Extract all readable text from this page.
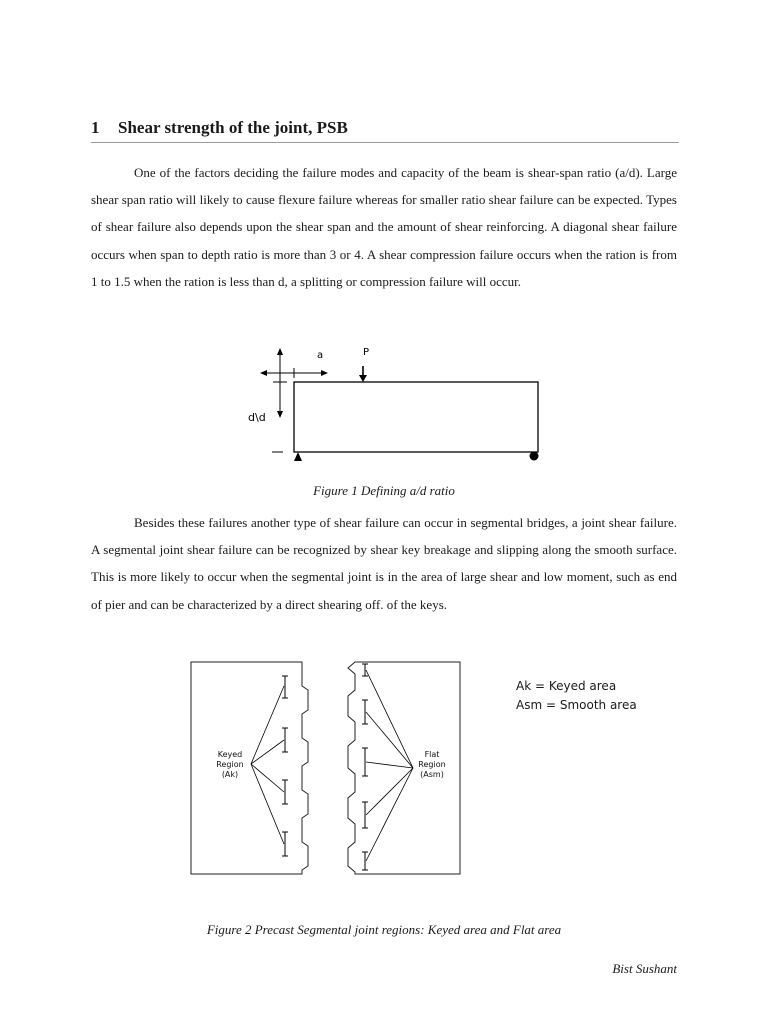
1 Shear strength of the joint, PSB

One of the factors deciding the failure modes and capacity of the beam is shear-span ratio (a/d). Large shear span ratio will likely to cause flexure failure whereas for smaller ratio shear failure can be expected. Types of shear failure also depends upon the shear span and the amount of shear reinforcing. A diagonal shear failure occurs when span to depth ratio is more than 3 or 4. A shear compression failure occurs when the ration is from 1 to 1.5 when the ration is less than d, a splitting or compression failure will occur.

a	P
d\d

Figure 1 Defining a/d ratio

Besides these failures another type of shear failure can occur in segmental bridges, a joint shear failure. A segmental joint shear failure can be recognized by shear key breakage and slipping along the smooth surface. This is more likely to occur when the segmental joint is in the area of large shear and low moment, such as end of pier and can be characterized by a direct shearing off. of the keys.

Keyed
Region
(Ak)
Flat
Region
(Asm)
Ak = Keyed area
Asm = Smooth area

Figure 2 Precast Segmental joint regions: Keyed area and Flat area

Bist Sushant
